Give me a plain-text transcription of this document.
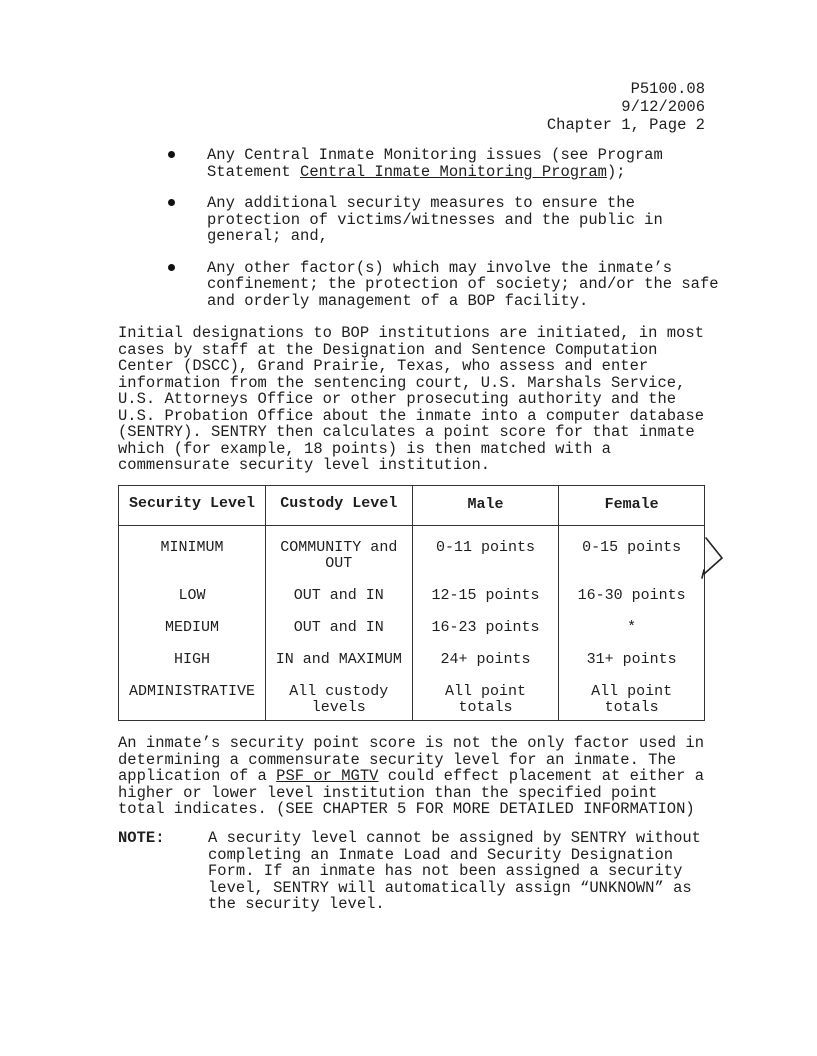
P5100.08
9/12/2006
Chapter 1, Page 2
Any Central Inmate Monitoring issues (see Program Statement Central Inmate Monitoring Program);
Any additional security measures to ensure the protection of victims/witnesses and the public in general; and,
Any other factor(s) which may involve the inmate’s confinement; the protection of society; and/or the safe and orderly management of a BOP facility.
Initial designations to BOP institutions are initiated, in most cases by staff at the Designation and Sentence Computation Center (DSCC), Grand Prairie, Texas, who assess and enter information from the sentencing court, U.S. Marshals Service, U.S. Attorneys Office or other prosecuting authority and the U.S. Probation Office about the inmate into a computer database (SENTRY). SENTRY then calculates a point score for that inmate which (for example, 18 points) is then matched with a commensurate security level institution.
Security Level	Custody Level	Male	Female
MINIMUM	COMMUNITY and OUT	0-11 points	0-15 points
LOW	OUT and IN	12-15 points	16-30 points
MEDIUM	OUT and IN	16-23 points	*
HIGH	IN and MAXIMUM	24+ points	31+ points
ADMINISTRATIVE	All custody levels	All point totals	All point totals
An inmate’s security point score is not the only factor used in determining a commensurate security level for an inmate. The application of a PSF or MGTV could effect placement at either a higher or lower level institution than the specified point total indicates. (SEE CHAPTER 5 FOR MORE DETAILED INFORMATION)
NOTE:	A security level cannot be assigned by SENTRY without completing an Inmate Load and Security Designation Form. If an inmate has not been assigned a security level, SENTRY will automatically assign “UNKNOWN” as the security level.
